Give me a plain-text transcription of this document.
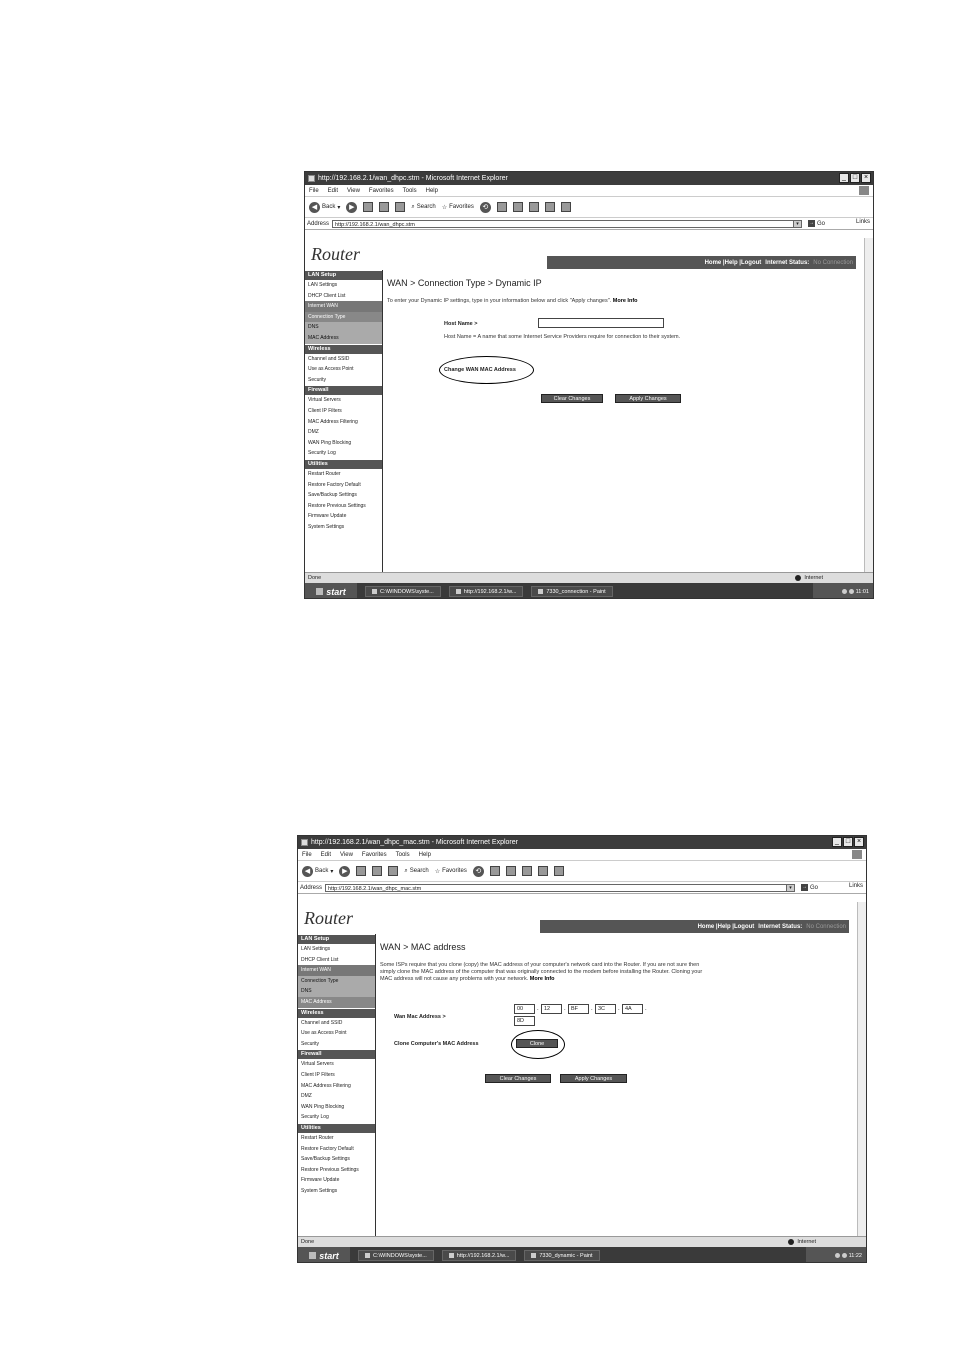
http://192.168.2.1/wan_dhpc.stm - Microsoft Internet Explorer	_ □ ×
File Edit View Favorites Tools Help
◀ Back ▾	▶	⌕ Search ☆ Favorites	⟲
Address	http://192.168.2.1/wan_dhpc.stm	▾	→ Go	Links
Router	Home |Help |Logout Internet Status: No Connection
LAN Setup
LAN Settings
DHCP Client List
Internet WAN
Connection Type
DNS
MAC Address
Wireless
Channel and SSID
Use as Access Point
Security
Firewall
Virtual Servers
Client IP Filters
MAC Address Filtering
DMZ
WAN Ping Blocking
Security Log
Utilities
Restart Router
Restore Factory Default
Save/Backup Settings
Restore Previous Settings
Firmware Update
System Settings
WAN > Connection Type > Dynamic IP
To enter your Dynamic IP settings, type in your information below and click "Apply changes". More Info
Host Name >
Host Name = A name that some Internet Service Providers require for connection to their system.
Change WAN MAC Address
Clear Changes	Apply Changes
Done	Internet
start	C:\WINDOWS\syste...	http://192.168.2.1/w...	7330_connection - Paint	11:01
http://192.168.2.1/wan_dhpc_mac.stm - Microsoft Internet Explorer	_ □ ×
File Edit View Favorites Tools Help
◀ Back ▾	▶	⌕ Search ☆ Favorites	⟲
Address	http://192.168.2.1/wan_dhpc_mac.stm	▾	→ Go	Links
Router	Home |Help |Logout Internet Status: No Connection
LAN Setup
LAN Settings
DHCP Client List
Internet WAN
Connection Type
DNS
MAC Address
Wireless
Channel and SSID
Use as Access Point
Security
Firewall
Virtual Servers
Client IP Filters
MAC Address Filtering
DMZ
WAN Ping Blocking
Security Log
Utilities
Restart Router
Restore Factory Default
Save/Backup Settings
Restore Previous Settings
Firmware Update
System Settings
WAN > MAC address
Some ISPs require that you clone (copy) the MAC address of your computer's network card into the Router. If you are not sure then simply clone the MAC address of the computer that was originally connected to the modem before installing the Router. Cloning your MAC address will not cause any problems with your network. More Info
Wan Mac Address >
00	. 12	. BF	. 3C	. 4A	.
8D
Clone Computer's MAC Address	Clone
Clear Changes	Apply Changes
Done	Internet
start	C:\WINDOWS\syste...	http://192.168.2.1/w...	7330_dynamic - Paint	11:22
